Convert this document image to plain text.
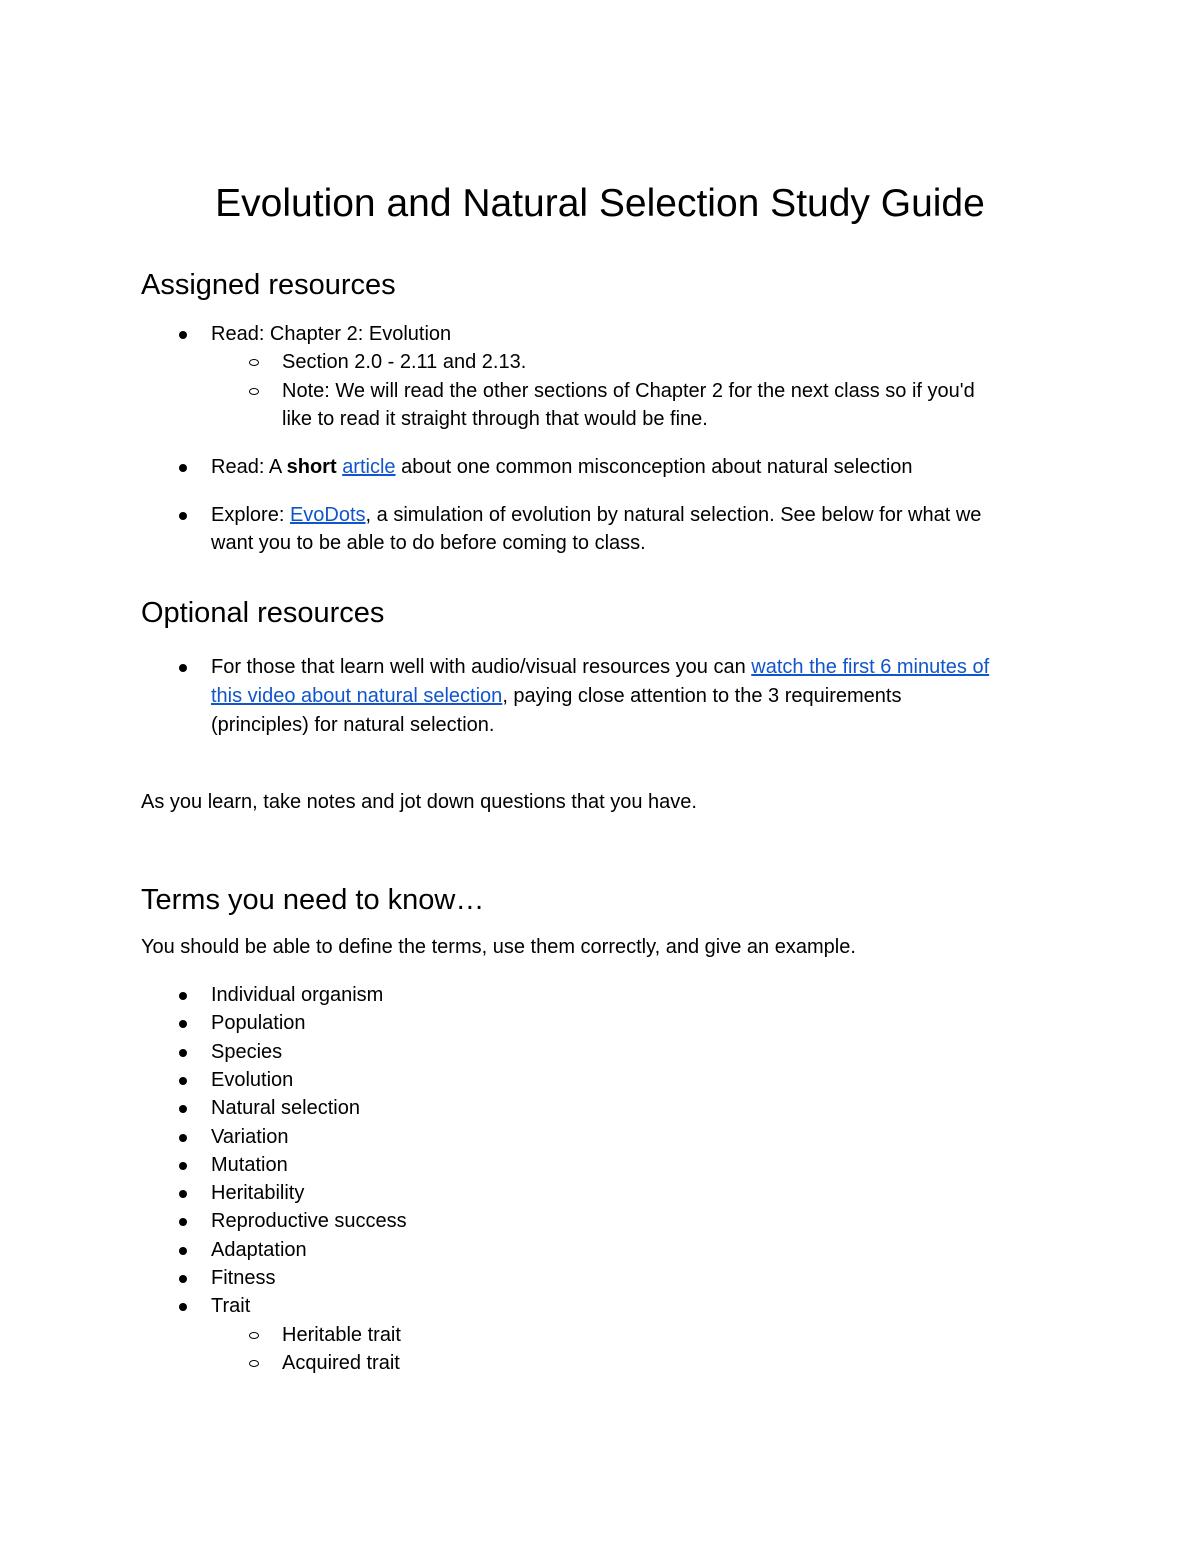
Evolution and Natural Selection Study Guide
Assigned resources

Read: Chapter 2: Evolution

Section 2.0 - 2.11 and 2.13.

Note: We will read the other sections of Chapter 2 for the next class so if you'd

like to read it straight through that would be fine.

Read: A short article about one common misconception about natural selection

Explore: EvoDots, a simulation of evolution by natural selection. See below for what we

want you to be able to do before coming to class.

Optional resources

For those that learn well with audio/visual resources you can watch the first 6 minutes of

this video about natural selection, paying close attention to the 3 requirements

(principles) for natural selection.

As you learn, take notes and jot down questions that you have.

Terms you need to know…

You should be able to define the terms, use them correctly, and give an example.

Individual organism

Population

Species

Evolution

Natural selection

Variation

Mutation

Heritability

Reproductive success

Adaptation

Fitness

Trait

Heritable trait

Acquired trait
